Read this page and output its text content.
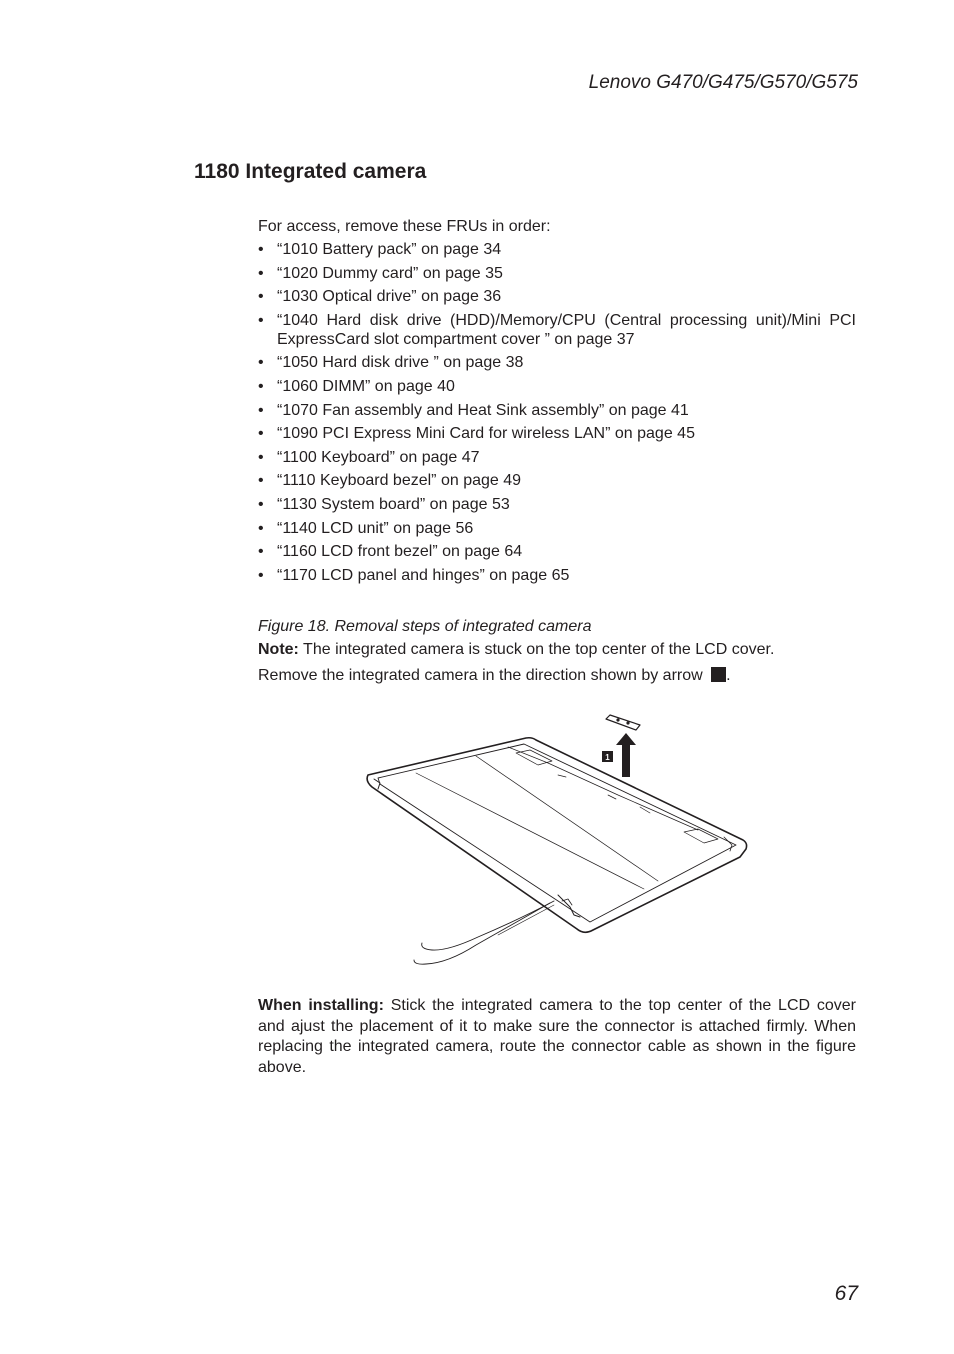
Lenovo G470/G475/G570/G575
1180 Integrated camera
For access, remove these FRUs in order:
• “1010 Battery pack” on page 34
• “1020 Dummy card” on page 35
• “1030 Optical drive” on page 36
• “1040 Hard disk drive (HDD)/Memory/CPU (Central processing unit)/Mini PCI ExpressCard slot compartment cover ” on page 37
• “1050 Hard disk drive ” on page 38
• “1060 DIMM” on page 40
• “1070 Fan assembly and Heat Sink assembly” on page 41
• “1090 PCI Express Mini Card for wireless LAN” on page 45
• “1100 Keyboard” on page 47
• “1110 Keyboard bezel” on page 49
• “1130 System board” on page 53
• “1140 LCD unit” on page 56
• “1160 LCD front bezel” on page 64
• “1170 LCD panel and hinges” on page 65
Figure 18. Removal steps of integrated camera
Note: The integrated camera is stuck on the top center of the LCD cover.
Remove the integrated camera in the direction shown by arrow .
1
When installing: Stick the integrated camera to the top center of the LCD cover and ajust the placement of it to make sure the connector is attached firmly. When replacing the integrated camera, route the connector cable as shown in the figure above.
67
